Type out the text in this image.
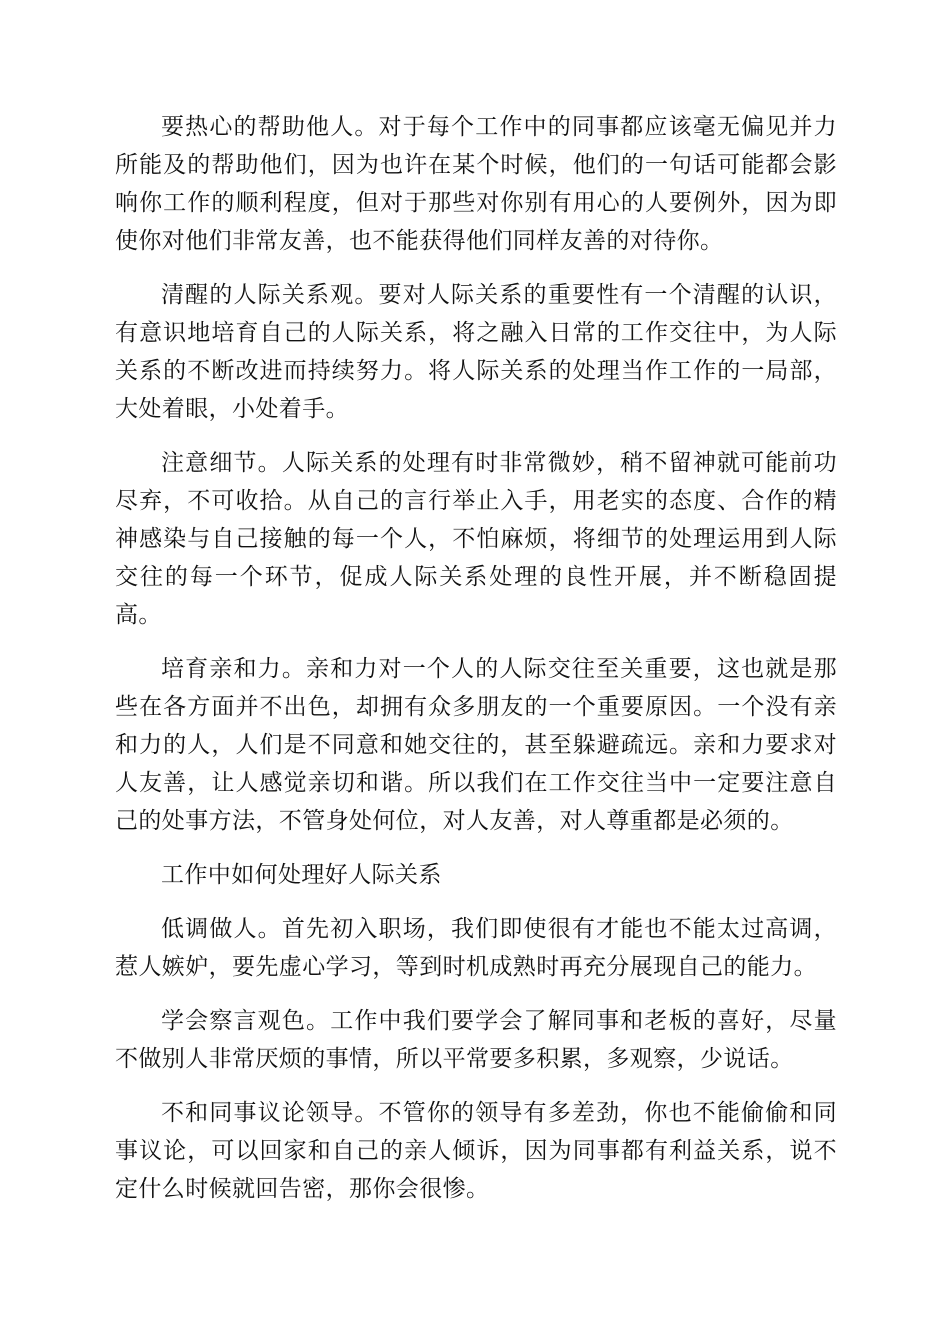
要热心的帮助他人。对于每个工作中的同事都应该毫无偏见并力所能及的帮助他们，因为也许在某个时候，他们的一句话可能都会影响你工作的顺利程度，但对于那些对你别有用心的人要例外，因为即使你对他们非常友善，也不能获得他们同样友善的对待你。

清醒的人际关系观。要对人际关系的重要性有一个清醒的认识，有意识地培育自己的人际关系，将之融入日常的工作交往中，为人际关系的不断改进而持续努力。将人际关系的处理当作工作的一局部，大处着眼，小处着手。

注意细节。人际关系的处理有时非常微妙，稍不留神就可能前功尽弃，不可收拾。从自己的言行举止入手，用老实的态度、合作的精神感染与自己接触的每一个人，不怕麻烦，将细节的处理运用到人际交往的每一个环节，促成人际关系处理的良性开展，并不断稳固提高。

培育亲和力。亲和力对一个人的人际交往至关重要，这也就是那些在各方面并不出色，却拥有众多朋友的一个重要原因。一个没有亲和力的人，人们是不同意和她交往的，甚至躲避疏远。亲和力要求对人友善，让人感觉亲切和谐。所以我们在工作交往当中一定要注意自己的处事方法，不管身处何位，对人友善，对人尊重都是必须的。

工作中如何处理好人际关系

低调做人。首先初入职场，我们即使很有才能也不能太过高调，惹人嫉妒，要先虚心学习，等到时机成熟时再充分展现自己的能力。

学会察言观色。工作中我们要学会了解同事和老板的喜好，尽量不做别人非常厌烦的事情，所以平常要多积累，多观察，少说话。

不和同事议论领导。不管你的领导有多差劲，你也不能偷偷和同事议论，可以回家和自己的亲人倾诉，因为同事都有利益关系，说不定什么时候就回告密，那你会很惨。
